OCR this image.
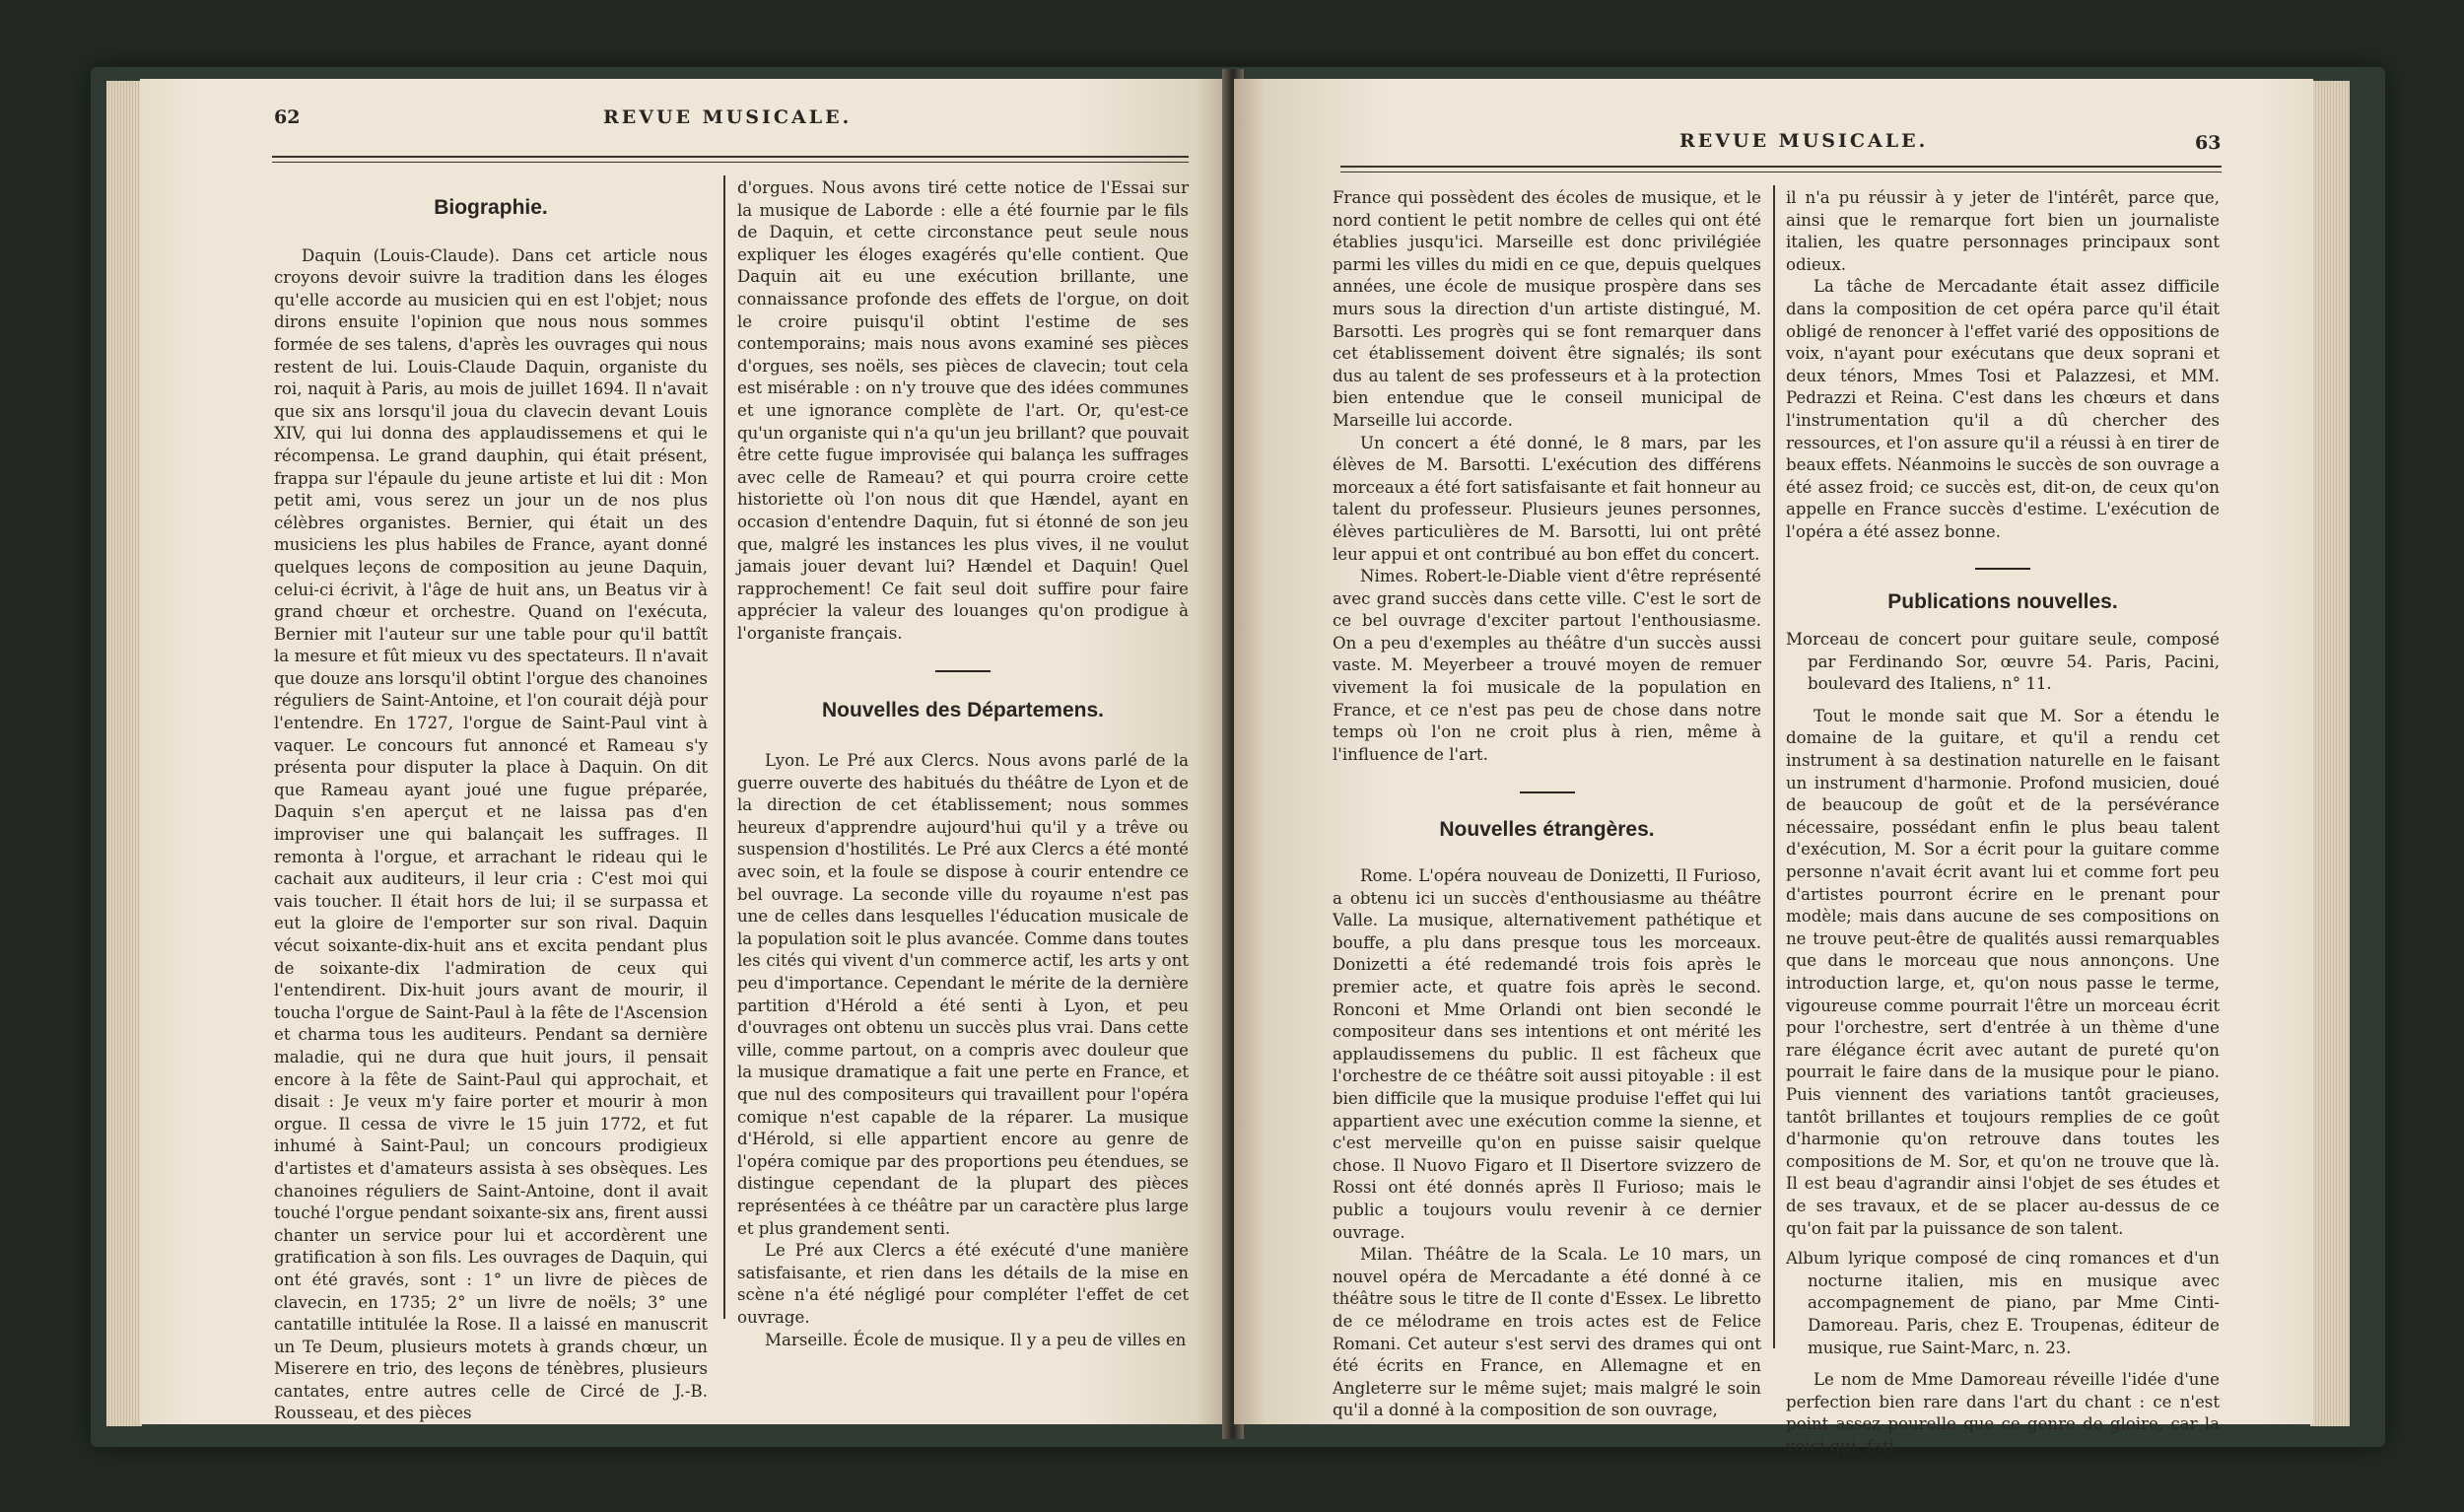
62	REVUE MUSICALE.
Biographie.

Daquin (Louis-Claude). Dans cet article nous croyons devoir suivre la tradition dans les éloges qu'elle accorde au musicien qui en est l'objet; nous dirons ensuite l'opinion que nous nous sommes formée de ses talens, d'après les ouvrages qui nous restent de lui. Louis-Claude Daquin, organiste du roi, naquit à Paris, au mois de juillet 1694. Il n'avait que six ans lorsqu'il joua du clavecin devant Louis XIV, qui lui donna des applaudissemens et qui le récompensa. Le grand dauphin, qui était présent, frappa sur l'épaule du jeune artiste et lui dit : Mon petit ami, vous serez un jour un de nos plus célèbres organistes. Bernier, qui était un des musiciens les plus habiles de France, ayant donné quelques leçons de composition au jeune Daquin, celui-ci écrivit, à l'âge de huit ans, un Beatus vir à grand chœur et orchestre. Quand on l'exécuta, Bernier mit l'auteur sur une table pour qu'il battît la mesure et fût mieux vu des spectateurs. Il n'avait que douze ans lorsqu'il obtint l'orgue des chanoines réguliers de Saint-Antoine, et l'on courait déjà pour l'entendre. En 1727, l'orgue de Saint-Paul vint à vaquer. Le concours fut annoncé et Rameau s'y présenta pour disputer la place à Daquin. On dit que Rameau ayant joué une fugue préparée, Daquin s'en aperçut et ne laissa pas d'en improviser une qui balançait les suffrages. Il remonta à l'orgue, et arrachant le rideau qui le cachait aux auditeurs, il leur cria : C'est moi qui vais toucher. Il était hors de lui; il se surpassa et eut la gloire de l'emporter sur son rival. Daquin vécut soixante-dix-huit ans et excita pendant plus de soixante-dix l'admiration de ceux qui l'entendirent. Dix-huit jours avant de mourir, il toucha l'orgue de Saint-Paul à la fête de l'Ascension et charma tous les auditeurs. Pendant sa dernière maladie, qui ne dura que huit jours, il pensait encore à la fête de Saint-Paul qui approchait, et disait : Je veux m'y faire porter et mourir à mon orgue. Il cessa de vivre le 15 juin 1772, et fut inhumé à Saint-Paul; un concours prodigieux d'artistes et d'amateurs assista à ses obsèques. Les chanoines réguliers de Saint-Antoine, dont il avait touché l'orgue pendant soixante-six ans, firent aussi chanter un service pour lui et accordèrent une gratification à son fils. Les ouvrages de Daquin, qui ont été gravés, sont : 1° un livre de pièces de clavecin, en 1735; 2° un livre de noëls; 3° une cantatille intitulée la Rose. Il a laissé en manuscrit un Te Deum, plusieurs motets à grands chœur, un Miserere en trio, des leçons de ténèbres, plusieurs cantates, entre autres celle de Circé de J.-B. Rousseau, et des pièces

d'orgues. Nous avons tiré cette notice de l'Essai sur la musique de Laborde : elle a été fournie par le fils de Daquin, et cette circonstance peut seule nous expliquer les éloges exagérés qu'elle contient. Que Daquin ait eu une exécution brillante, une connaissance profonde des effets de l'orgue, on doit le croire puisqu'il obtint l'estime de ses contemporains; mais nous avons examiné ses pièces d'orgues, ses noëls, ses pièces de clavecin; tout cela est misérable : on n'y trouve que des idées communes et une ignorance complète de l'art. Or, qu'est-ce qu'un organiste qui n'a qu'un jeu brillant? que pouvait être cette fugue improvisée qui balança les suffrages avec celle de Rameau? et qui pourra croire cette historiette où l'on nous dit que Hændel, ayant en occasion d'entendre Daquin, fut si étonné de son jeu que, malgré les instances les plus vives, il ne voulut jamais jouer devant lui? Hændel et Daquin! Quel rapprochement! Ce fait seul doit suffire pour faire apprécier la valeur des louanges qu'on prodigue à l'organiste français.

Nouvelles des Départemens.

Lyon. Le Pré aux Clercs. Nous avons parlé de la guerre ouverte des habitués du théâtre de Lyon et de la direction de cet établissement; nous sommes heureux d'apprendre aujourd'hui qu'il y a trêve ou suspension d'hostilités. Le Pré aux Clercs a été monté avec soin, et la foule se dispose à courir entendre ce bel ouvrage. La seconde ville du royaume n'est pas une de celles dans lesquelles l'éducation musicale de la population soit le plus avancée. Comme dans toutes les cités qui vivent d'un commerce actif, les arts y ont peu d'importance. Cependant le mérite de la dernière partition d'Hérold a été senti à Lyon, et peu d'ouvrages ont obtenu un succès plus vrai. Dans cette ville, comme partout, on a compris avec douleur que la musique dramatique a fait une perte en France, et que nul des compositeurs qui travaillent pour l'opéra comique n'est capable de la réparer. La musique d'Hérold, si elle appartient encore au genre de l'opéra comique par des proportions peu étendues, se distingue cependant de la plupart des pièces représentées à ce théâtre par un caractère plus large et plus grandement senti.

Le Pré aux Clercs a été exécuté d'une manière satisfaisante, et rien dans les détails de la mise en scène n'a été négligé pour compléter l'effet de cet ouvrage.

Marseille. École de musique. Il y a peu de villes en

REVUE MUSICALE.	63

France qui possèdent des écoles de musique, et le nord contient le petit nombre de celles qui ont été établies jusqu'ici. Marseille est donc privilégiée parmi les villes du midi en ce que, depuis quelques années, une école de musique prospère dans ses murs sous la direction d'un artiste distingué, M. Barsotti. Les progrès qui se font remarquer dans cet établissement doivent être signalés; ils sont dus au talent de ses professeurs et à la protection bien entendue que le conseil municipal de Marseille lui accorde.

Un concert a été donné, le 8 mars, par les élèves de M. Barsotti. L'exécution des différens morceaux a été fort satisfaisante et fait honneur au talent du professeur. Plusieurs jeunes personnes, élèves particulières de M. Barsotti, lui ont prêté leur appui et ont contribué au bon effet du concert.

Nimes. Robert-le-Diable vient d'être représenté avec grand succès dans cette ville. C'est le sort de ce bel ouvrage d'exciter partout l'enthousiasme. On a peu d'exemples au théâtre d'un succès aussi vaste. M. Meyerbeer a trouvé moyen de remuer vivement la foi musicale de la population en France, et ce n'est pas peu de chose dans notre temps où l'on ne croit plus à rien, même à l'influence de l'art.

Nouvelles étrangères.

Rome. L'opéra nouveau de Donizetti, Il Furioso, a obtenu ici un succès d'enthousiasme au théâtre Valle. La musique, alternativement pathétique et bouffe, a plu dans presque tous les morceaux. Donizetti a été redemandé trois fois après le premier acte, et quatre fois après le second. Ronconi et Mme Orlandi ont bien secondé le compositeur dans ses intentions et ont mérité les applaudissemens du public. Il est fâcheux que l'orchestre de ce théâtre soit aussi pitoyable : il est bien difficile que la musique produise l'effet qui lui appartient avec une exécution comme la sienne, et c'est merveille qu'on en puisse saisir quelque chose. Il Nuovo Figaro et Il Disertore svizzero de Rossi ont été donnés après Il Furioso; mais le public a toujours voulu revenir à ce dernier ouvrage.

Milan. Théâtre de la Scala. Le 10 mars, un nouvel opéra de Mercadante a été donné à ce théâtre sous le titre de Il conte d'Essex. Le libretto de ce mélodrame en trois actes est de Felice Romani. Cet auteur s'est servi des drames qui ont été écrits en France, en Allemagne et en Angleterre sur le même sujet; mais malgré le soin qu'il a donné à la composition de son ouvrage,

il n'a pu réussir à y jeter de l'intérêt, parce que, ainsi que le remarque fort bien un journaliste italien, les quatre personnages principaux sont odieux.

La tâche de Mercadante était assez difficile dans la composition de cet opéra parce qu'il était obligé de renoncer à l'effet varié des oppositions de voix, n'ayant pour exécutans que deux soprani et deux ténors, Mmes Tosi et Palazzesi, et MM. Pedrazzi et Reina. C'est dans les chœurs et dans l'instrumentation qu'il a dû chercher des ressources, et l'on assure qu'il a réussi à en tirer de beaux effets. Néanmoins le succès de son ouvrage a été assez froid; ce succès est, dit-on, de ceux qu'on appelle en France succès d'estime. L'exécution de l'opéra a été assez bonne.

Publications nouvelles.

Morceau de concert pour guitare seule, composé par Ferdinando Sor, œuvre 54. Paris, Pacini, boulevard des Italiens, n° 11.

Tout le monde sait que M. Sor a étendu le domaine de la guitare, et qu'il a rendu cet instrument à sa destination naturelle en le faisant un instrument d'harmonie. Profond musicien, doué de beaucoup de goût et de la persévérance nécessaire, possédant enfin le plus beau talent d'exécution, M. Sor a écrit pour la guitare comme personne n'avait écrit avant lui et comme fort peu d'artistes pourront écrire en le prenant pour modèle; mais dans aucune de ses compositions on ne trouve peut-être de qualités aussi remarquables que dans le morceau que nous annonçons. Une introduction large, et, qu'on nous passe le terme, vigoureuse comme pourrait l'être un morceau écrit pour l'orchestre, sert d'entrée à un thème d'une rare élégance écrit avec autant de pureté qu'on pourrait le faire dans de la musique pour le piano. Puis viennent des variations tantôt gracieuses, tantôt brillantes et toujours remplies de ce goût d'harmonie qu'on retrouve dans toutes les compositions de M. Sor, et qu'on ne trouve que là. Il est beau d'agrandir ainsi l'objet de ses études et de ses travaux, et de se placer au-dessus de ce qu'on fait par la puissance de son talent.

Album lyrique composé de cinq romances et d'un nocturne italien, mis en musique avec accompagnement de piano, par Mme Cinti-Damoreau. Paris, chez E. Troupenas, éditeur de musique, rue Saint-Marc, n. 23.

Le nom de Mme Damoreau réveille l'idée d'une perfection bien rare dans l'art du chant : ce n'est point assez pourelle que ce genre de gloire, car la voici qui, fati-
